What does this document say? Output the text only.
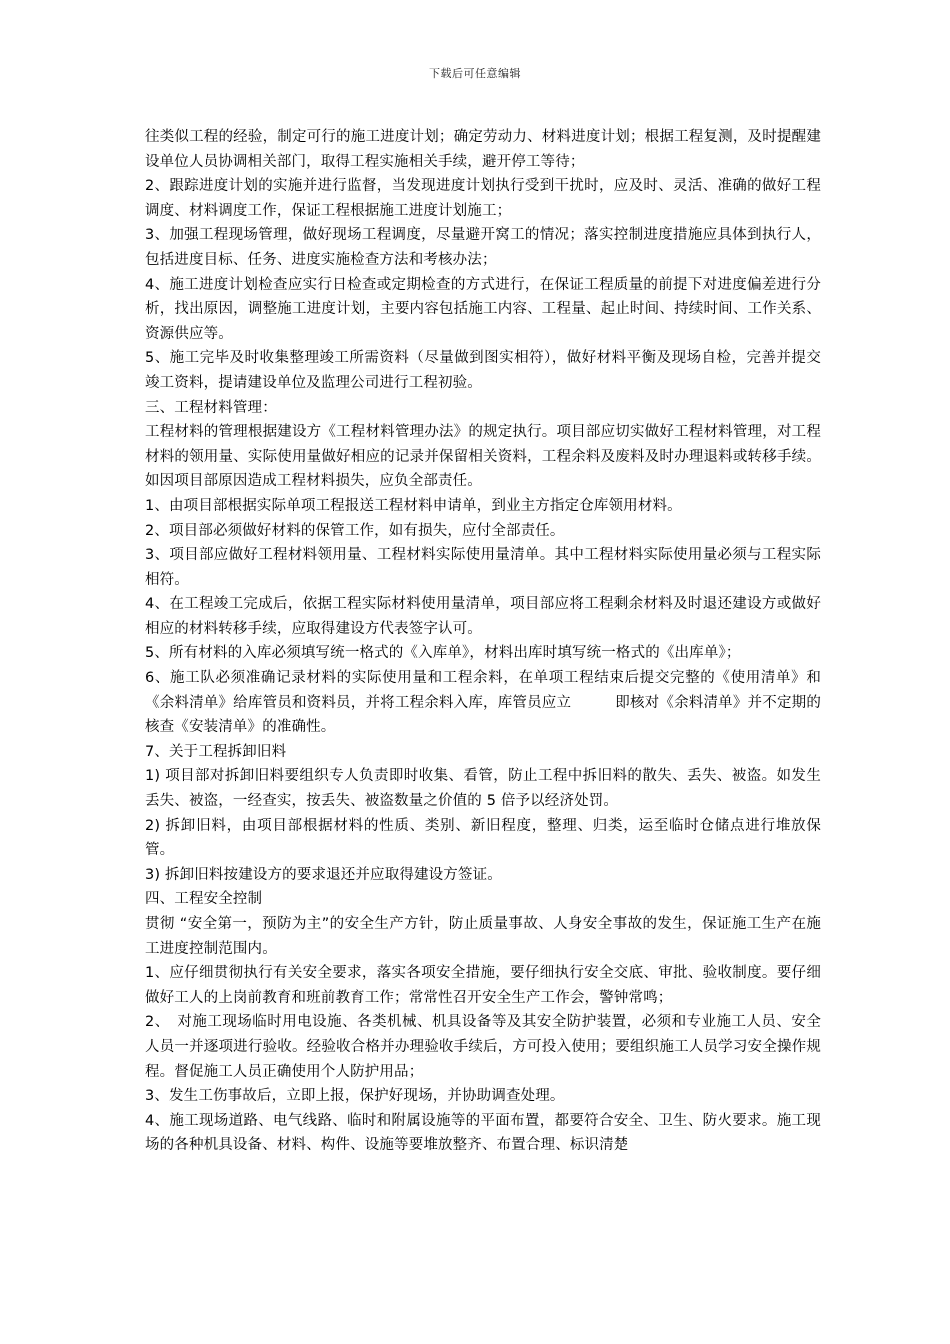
下载后可任意编辑

往类似工程的经验，制定可行的施工进度计划；确定劳动力、材料进度计划；根据工程复测，及时提醒建设单位人员协调相关部门，取得工程实施相关手续，避开停工等待；

2、跟踪进度计划的实施并进行监督，当发现进度计划执行受到干扰时，应及时、灵活、准确的做好工程调度、材料调度工作，保证工程根据施工进度计划施工；

3、加强工程现场管理，做好现场工程调度，尽量避开窝工的情况；落实控制进度措施应具体到执行人，包括进度目标、任务、进度实施检查方法和考核办法；

4、施工进度计划检查应实行日检查或定期检查的方式进行，在保证工程质量的前提下对进度偏差进行分析，找出原因，调整施工进度计划，主要内容包括施工内容、工程量、起止时间、持续时间、工作关系、资源供应等。

5、施工完毕及时收集整理竣工所需资料（尽量做到图实相符），做好材料平衡及现场自检，完善并提交竣工资料，提请建设单位及监理公司进行工程初验。

三、工程材料管理：

工程材料的管理根据建设方《工程材料管理办法》的规定执行。项目部应切实做好工程材料管理，对工程材料的领用量、实际使用量做好相应的记录并保留相关资料，工程余料及废料及时办理退料或转移手续。如因项目部原因造成工程材料损失，应负全部责任。

1、由项目部根据实际单项工程报送工程材料申请单，到业主方指定仓库领用材料。

2、项目部必须做好材料的保管工作，如有损失，应付全部责任。

3、项目部应做好工程材料领用量、工程材料实际使用量清单。其中工程材料实际使用量必须与工程实际相符。

4、在工程竣工完成后，依据工程实际材料使用量清单，项目部应将工程剩余材料及时退还建设方或做好相应的材料转移手续，应取得建设方代表签字认可。

5、所有材料的入库必须填写统一格式的《入库单》，材料出库时填写统一格式的《出库单》；

6、施工队必须准确记录材料的实际使用量和工程余料，在单项工程结束后提交完整的《使用清单》和《余料清单》给库管员和资料员，并将工程余料入库，库管员应立　　　即核对《余料清单》并不定期的核查《安装清单》的准确性。

7、关于工程拆卸旧料

1) 项目部对拆卸旧料要组织专人负责即时收集、看管，防止工程中拆旧料的散失、丢失、被盗。如发生丢失、被盗，一经查实，按丢失、被盗数量之价值的 5 倍予以经济处罚。

2) 拆卸旧料，由项目部根据材料的性质、类别、新旧程度，整理、归类，运至临时仓储点进行堆放保管。

3) 拆卸旧料按建设方的要求退还并应取得建设方签证。

四、工程安全控制

贯彻 “安全第一，预防为主”的安全生产方针，防止质量事故、人身安全事故的发生，保证施工生产在施工进度控制范围内。

1、应仔细贯彻执行有关安全要求，落实各项安全措施，要仔细执行安全交底、审批、验收制度。要仔细做好工人的上岗前教育和班前教育工作；常常性召开安全生产工作会，警钟常鸣；

2、　对施工现场临时用电设施、各类机械、机具设备等及其安全防护装置，必须和专业施工人员、安全人员一并逐项进行验收。经验收合格并办理验收手续后，方可投入使用；要组织施工人员学习安全操作规程。督促施工人员正确使用个人防护用品；

3、发生工伤事故后，立即上报，保护好现场，并协助调查处理。

4、施工现场道路、电气线路、临时和附属设施等的平面布置，都要符合安全、卫生、防火要求。施工现场的各种机具设备、材料、构件、设施等要堆放整齐、布置合理、标识清楚
